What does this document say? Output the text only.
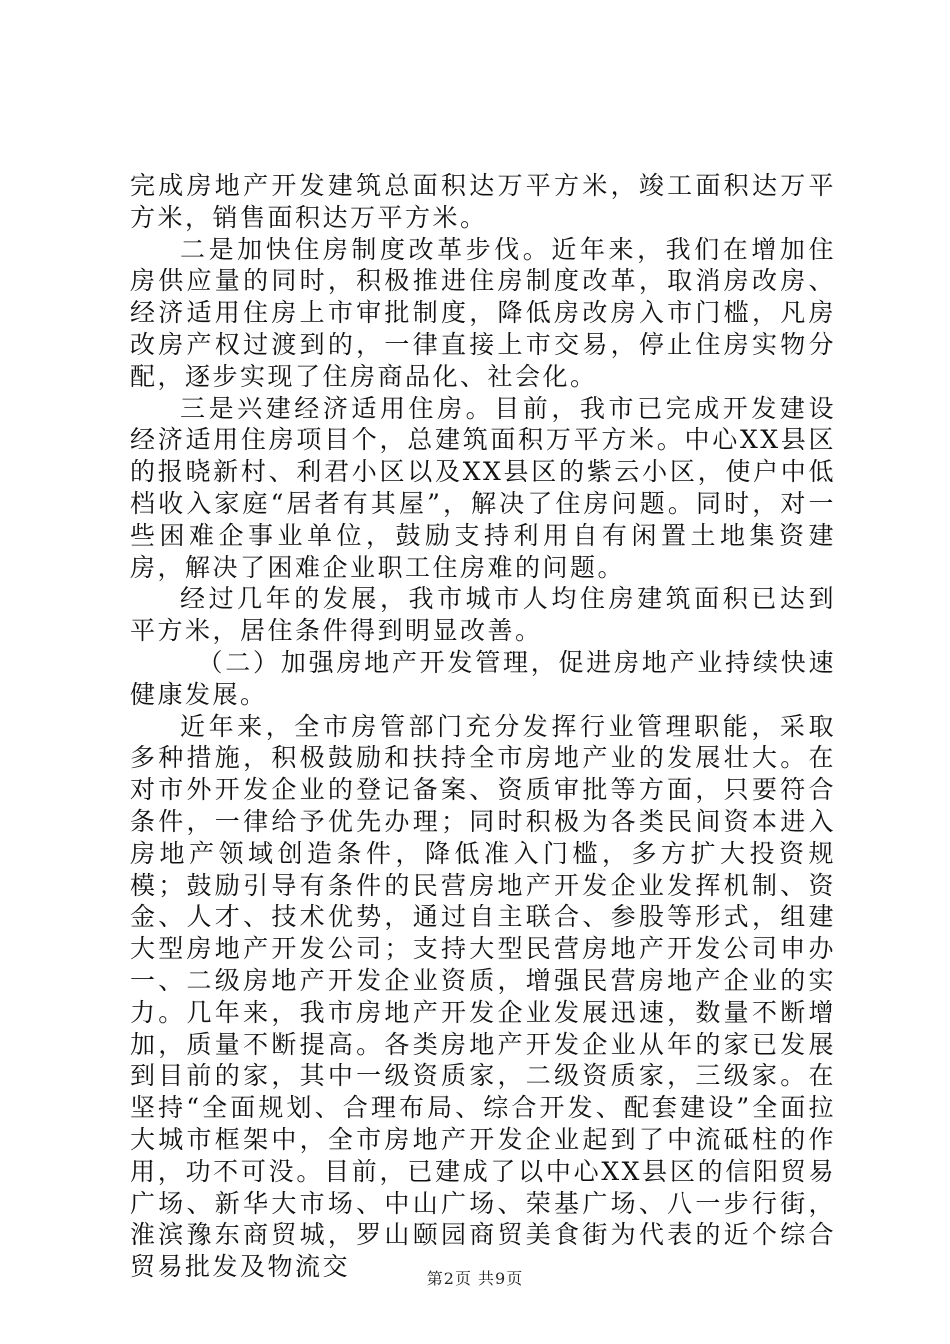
完成房地产开发建筑总面积达万平方米，竣工面积达万平方米，销售面积达万平方米。

二是加快住房制度改革步伐。近年来，我们在增加住房供应量的同时，积极推进住房制度改革，取消房改房、经济适用住房上市审批制度，降低房改房入市门槛，凡房改房产权过渡到的，一律直接上市交易，停止住房实物分配，逐步实现了住房商品化、社会化。

三是兴建经济适用住房。目前，我市已完成开发建设经济适用住房项目个，总建筑面积万平方米。中心XX县区的报晓新村、利君小区以及XX县区的紫云小区，使户中低档收入家庭“居者有其屋”，解决了住房问题。同时，对一些困难企事业单位，鼓励支持利用自有闲置土地集资建房，解决了困难企业职工住房难的问题。

经过几年的发展，我市城市人均住房建筑面积已达到平方米，居住条件得到明显改善。

（二）加强房地产开发管理，促进房地产业持续快速健康发展。

近年来，全市房管部门充分发挥行业管理职能，采取多种措施，积极鼓励和扶持全市房地产业的发展壮大。在对市外开发企业的登记备案、资质审批等方面，只要符合条件，一律给予优先办理；同时积极为各类民间资本进入房地产领域创造条件，降低准入门槛，多方扩大投资规模；鼓励引导有条件的民营房地产开发企业发挥机制、资金、人才、技术优势，通过自主联合、参股等形式，组建大型房地产开发公司；支持大型民营房地产开发公司申办一、二级房地产开发企业资质，增强民营房地产企业的实力。几年来，我市房地产开发企业发展迅速，数量不断增加，质量不断提高。各类房地产开发企业从年的家已发展到目前的家，其中一级资质家，二级资质家，三级家。在坚持“全面规划、合理布局、综合开发、配套建设”全面拉大城市框架中，全市房地产开发企业起到了中流砥柱的作用，功不可没。目前，已建成了以中心XX县区的信阳贸易广场、新华大市场、中山广场、荣基广场、八一步行街，淮滨豫东商贸城，罗山颐园商贸美食街为代表的近个综合贸易批发及物流交	第2页 共9页
